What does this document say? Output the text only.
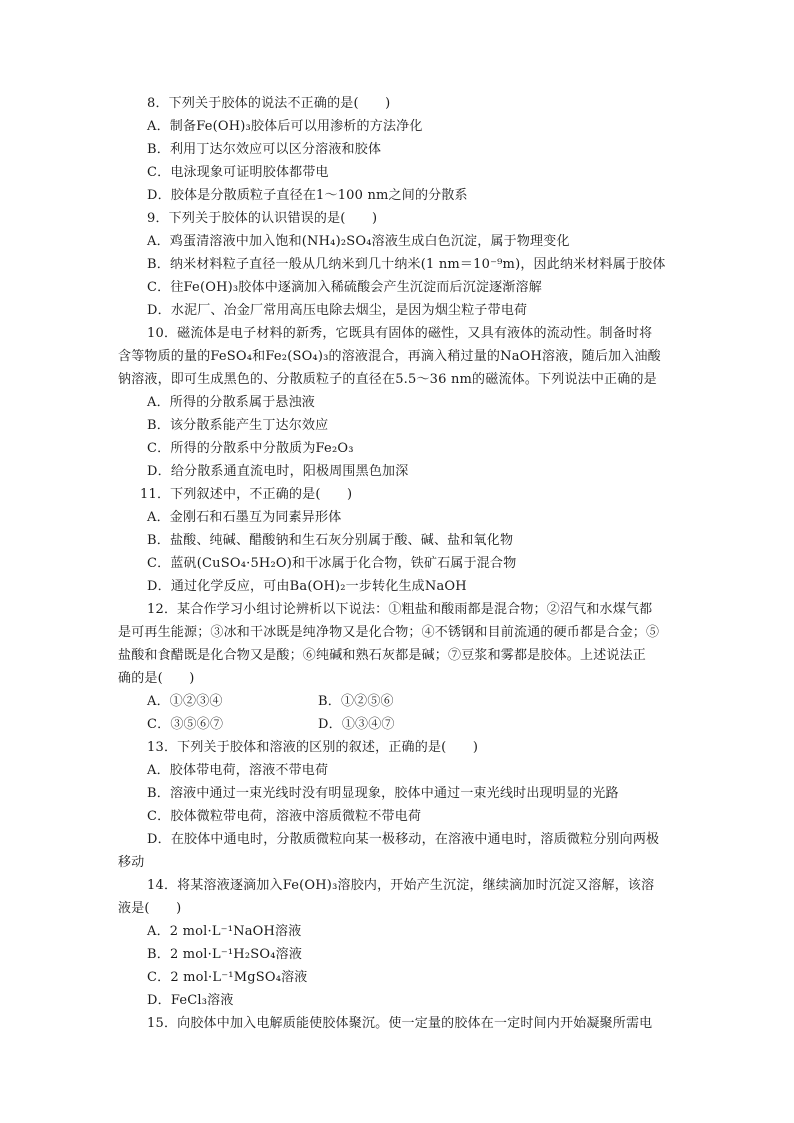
8．下列关于胶体的说法不正确的是(　　)
A．制备Fe(OH)₃胶体后可以用渗析的方法净化
B．利用丁达尔效应可以区分溶液和胶体
C．电泳现象可证明胶体都带电
D．胶体是分散质粒子直径在1～100 nm之间的分散系
9．下列关于胶体的认识错误的是(　　)
A．鸡蛋清溶液中加入饱和(NH₄)₂SO₄溶液生成白色沉淀，属于物理变化
B．纳米材料粒子直径一般从几纳米到几十纳米(1 nm＝10⁻⁹m)，因此纳米材料属于胶体
C．往Fe(OH)₃胶体中逐滴加入稀硫酸会产生沉淀而后沉淀逐渐溶解
D．水泥厂、冶金厂常用高压电除去烟尘，是因为烟尘粒子带电荷
10．磁流体是电子材料的新秀，它既具有固体的磁性，又具有液体的流动性。制备时将
含等物质的量的FeSO₄和Fe₂(SO₄)₃的溶液混合，再滴入稍过量的NaOH溶液，随后加入油酸
钠溶液，即可生成黑色的、分散质粒子的直径在5.5～36 nm的磁流体。下列说法中正确的是
A．所得的分散系属于悬浊液
B．该分散系能产生丁达尔效应
C．所得的分散系中分散质为Fe₂O₃
D．给分散系通直流电时，阳极周围黑色加深
11．下列叙述中，不正确的是(　　)
A．金刚石和石墨互为同素异形体
B．盐酸、纯碱、醋酸钠和生石灰分别属于酸、碱、盐和氧化物
C．蓝矾(CuSO₄·5H₂O)和干冰属于化合物，铁矿石属于混合物
D．通过化学反应，可由Ba(OH)₂一步转化生成NaOH
12．某合作学习小组讨论辨析以下说法：①粗盐和酸雨都是混合物；②沼气和水煤气都
是可再生能源；③冰和干冰既是纯净物又是化合物；④不锈钢和目前流通的硬币都是合金；⑤
盐酸和食醋既是化合物又是酸；⑥纯碱和熟石灰都是碱；⑦豆浆和雾都是胶体。上述说法正
确的是(　　)
A．①②③④	B．①②⑤⑥
C．③⑤⑥⑦	D．①③④⑦
13．下列关于胶体和溶液的区别的叙述，正确的是(　　)
A．胶体带电荷，溶液不带电荷
B．溶液中通过一束光线时没有明显现象，胶体中通过一束光线时出现明显的光路
C．胶体微粒带电荷，溶液中溶质微粒不带电荷
D．在胶体中通电时，分散质微粒向某一极移动，在溶液中通电时，溶质微粒分别向两极
移动
14．将某溶液逐滴加入Fe(OH)₃溶胶内，开始产生沉淀，继续滴加时沉淀又溶解，该溶
液是(　　)
A．2 mol·L⁻¹NaOH溶液
B．2 mol·L⁻¹H₂SO₄溶液
C．2 mol·L⁻¹MgSO₄溶液
D．FeCl₃溶液
15．向胶体中加入电解质能使胶体聚沉。使一定量的胶体在一定时间内开始凝聚所需电
